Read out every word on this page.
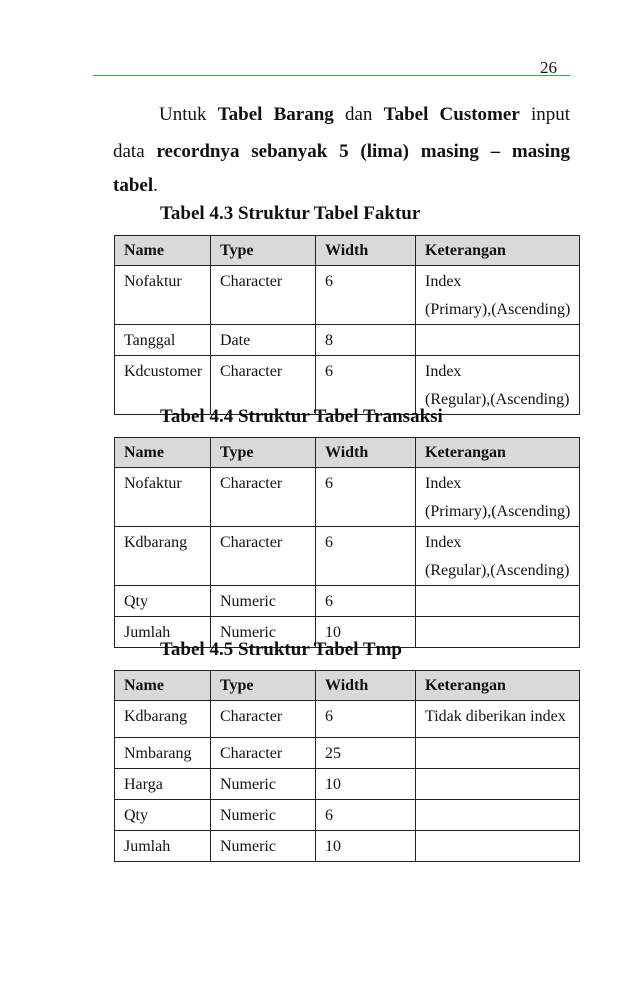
26
Untuk Tabel Barang dan Tabel Customer input
data recordnya sebanyak 5 (lima) masing – masing
tabel.
Tabel 4.3 Struktur Tabel Faktur
Name	Type	Width	Keterangan
Nofaktur	Character	6	Index
(Primary),(Ascending)

Tanggal	Date	8	
Kdcustomer	Character	6	Index
(Regular),(Ascending)
Tabel 4.4 Struktur Tabel Transaksi
Name	Type	Width	Keterangan
Nofaktur	Character	6	Index
(Primary),(Ascending)

Kdbarang	Character	6	Index
(Regular),(Ascending)

Qty	Numeric	6	
Jumlah	Numeric	10	
Tabel 4.5 Struktur Tabel Tmp
Name	Type	Width	Keterangan
Kdbarang	Character	6	Tidak diberikan index
Nmbarang	Character	25	
Harga	Numeric	10	
Qty	Numeric	6	
Jumlah	Numeric	10	
